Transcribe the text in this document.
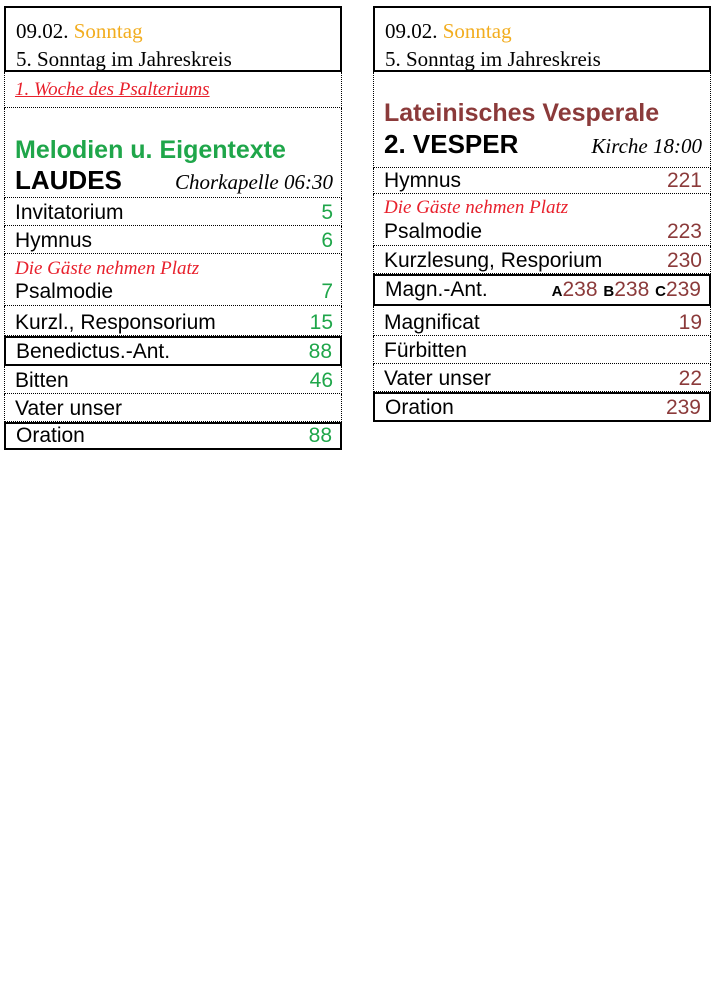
09.02. Sonntag
5. Sonntag im Jahreskreis
1. Woche des Psalteriums
Melodien u. Eigentexte
LAUDES	Chorkapelle 06:30
Invitatorium	5
Hymnus	6
Die Gäste nehmen Platz
Psalmodie	7
Kurzl., Responsorium	15
Benedictus.-Ant.	88
Bitten	46
Vater unser
Oration	88
09.02. Sonntag
5. Sonntag im Jahreskreis
Lateinisches Vesperale
2. VESPER	Kirche 18:00
Hymnus	221
Die Gäste nehmen Platz
Psalmodie	223
Kurzlesung, Resporium	230
Magn.-Ant.	A238 B238 C239
Magnificat	19
Fürbitten
Vater unser	22
Oration	239
